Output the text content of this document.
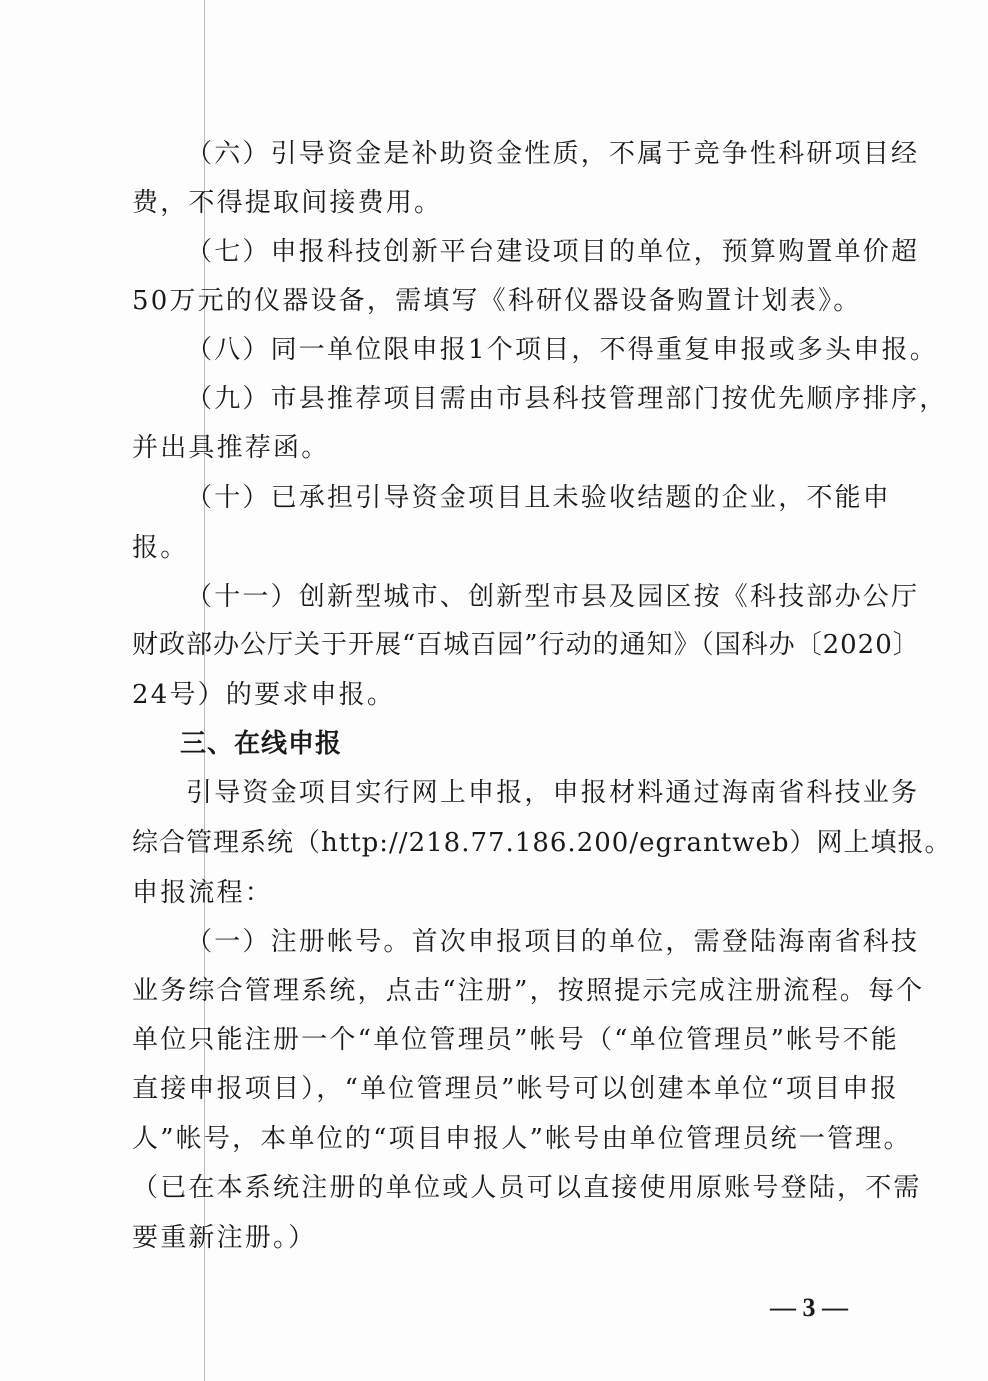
（六）引导资金是补助资金性质，不属于竞争性科研项目经
费，不得提取间接费用。
（七）申报科技创新平台建设项目的单位，预算购置单价超
50万元的仪器设备，需填写《科研仪器设备购置计划表》。
（八）同一单位限申报1个项目，不得重复申报或多头申报。
（九）市县推荐项目需由市县科技管理部门按优先顺序排序，
并出具推荐函。
（十）已承担引导资金项目且未验收结题的企业，不能申
报。
（十一）创新型城市、创新型市县及园区按《科技部办公厅
财政部办公厅关于开展“百城百园”行动的通知》（国科办〔2020〕
24号）的要求申报。
三、在线申报
引导资金项目实行网上申报，申报材料通过海南省科技业务
综合管理系统（http://218.77.186.200/egrantweb）网上填报。
申报流程：
（一）注册帐号。首次申报项目的单位，需登陆海南省科技
业务综合管理系统，点击“注册”，按照提示完成注册流程。每个
单位只能注册一个“单位管理员”帐号（“单位管理员”帐号不能
直接申报项目），“单位管理员”帐号可以创建本单位“项目申报
人”帐号，本单位的“项目申报人”帐号由单位管理员统一管理。
（已在本系统注册的单位或人员可以直接使用原账号登陆，不需
要重新注册。）
— 3 —
